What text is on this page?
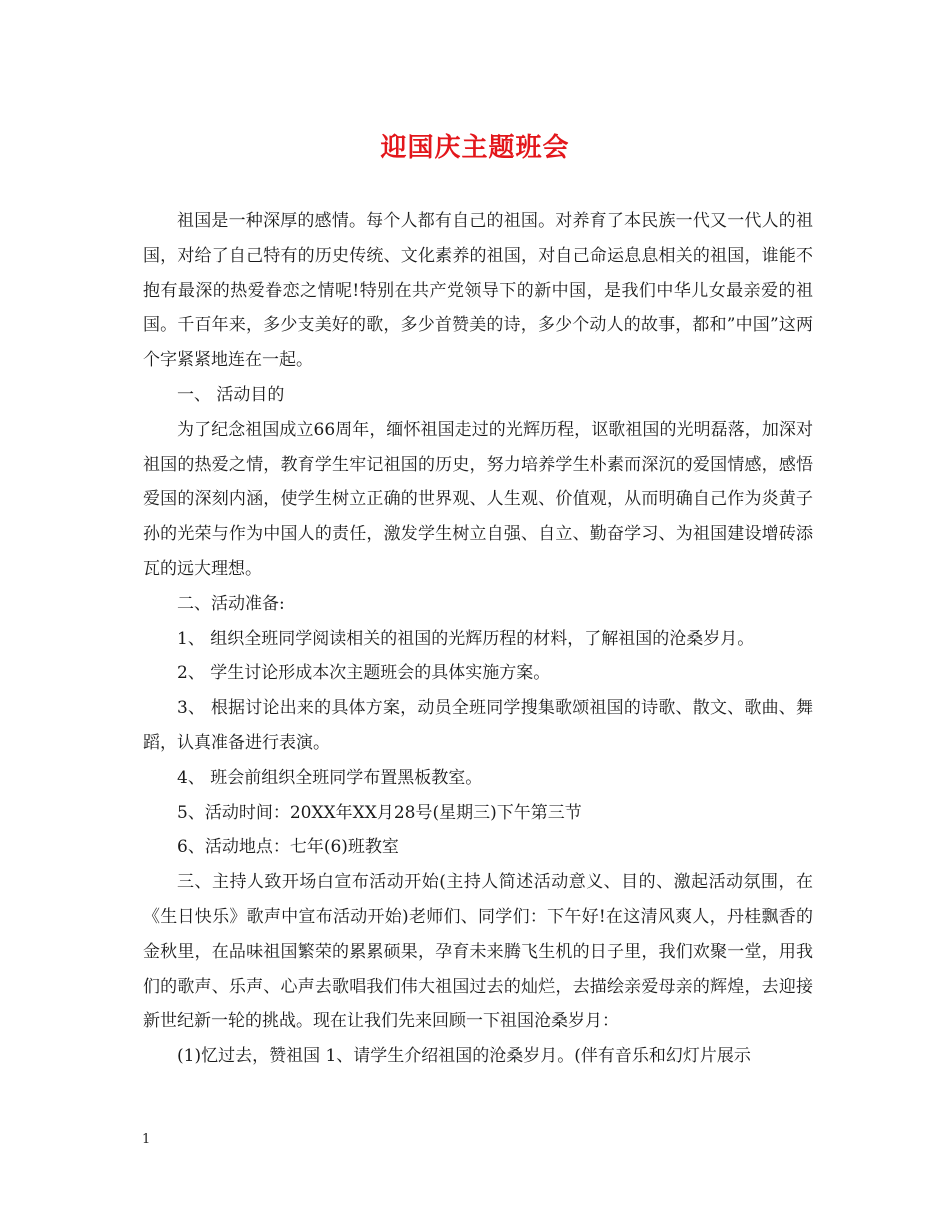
迎国庆主题班会

祖国是一种深厚的感情。每个人都有自己的祖国。对养育了本民族一代又一代人的祖国，对给了自己特有的历史传统、文化素养的祖国，对自己命运息息相关的祖国，谁能不抱有最深的热爱眷恋之情呢!特别在共产党领导下的新中国，是我们中华儿女最亲爱的祖国。千百年来，多少支美好的歌，多少首赞美的诗，多少个动人的故事，都和”中国”这两个字紧紧地连在一起。

一、 活动目的

为了纪念祖国成立66周年，缅怀祖国走过的光辉历程，讴歌祖国的光明磊落，加深对祖国的热爱之情，教育学生牢记祖国的历史，努力培养学生朴素而深沉的爱国情感，感悟爱国的深刻内涵，使学生树立正确的世界观、人生观、价值观，从而明确自己作为炎黄子孙的光荣与作为中国人的责任，激发学生树立自强、自立、勤奋学习、为祖国建设增砖添瓦的远大理想。

二、活动准备:

1、 组织全班同学阅读相关的祖国的光辉历程的材料，了解祖国的沧桑岁月。

2、 学生讨论形成本次主题班会的具体实施方案。

3、 根据讨论出来的具体方案，动员全班同学搜集歌颂祖国的诗歌、散文、歌曲、舞蹈，认真准备进行表演。

4、 班会前组织全班同学布置黑板教室。

5、活动时间：20XX年XX月28号(星期三)下午第三节

6、活动地点：七年(6)班教室

三、主持人致开场白宣布活动开始(主持人简述活动意义、目的、激起活动氛围，在《生日快乐》歌声中宣布活动开始)老师们、同学们：下午好!在这清风爽人，丹桂飘香的金秋里，在品味祖国繁荣的累累硕果，孕育未来腾飞生机的日子里，我们欢聚一堂，用我们的歌声、乐声、心声去歌唱我们伟大祖国过去的灿烂，去描绘亲爱母亲的辉煌，去迎接新世纪新一轮的挑战。现在让我们先来回顾一下祖国沧桑岁月：

(1)忆过去，赞祖国 1、请学生介绍祖国的沧桑岁月。(伴有音乐和幻灯片展示

1
